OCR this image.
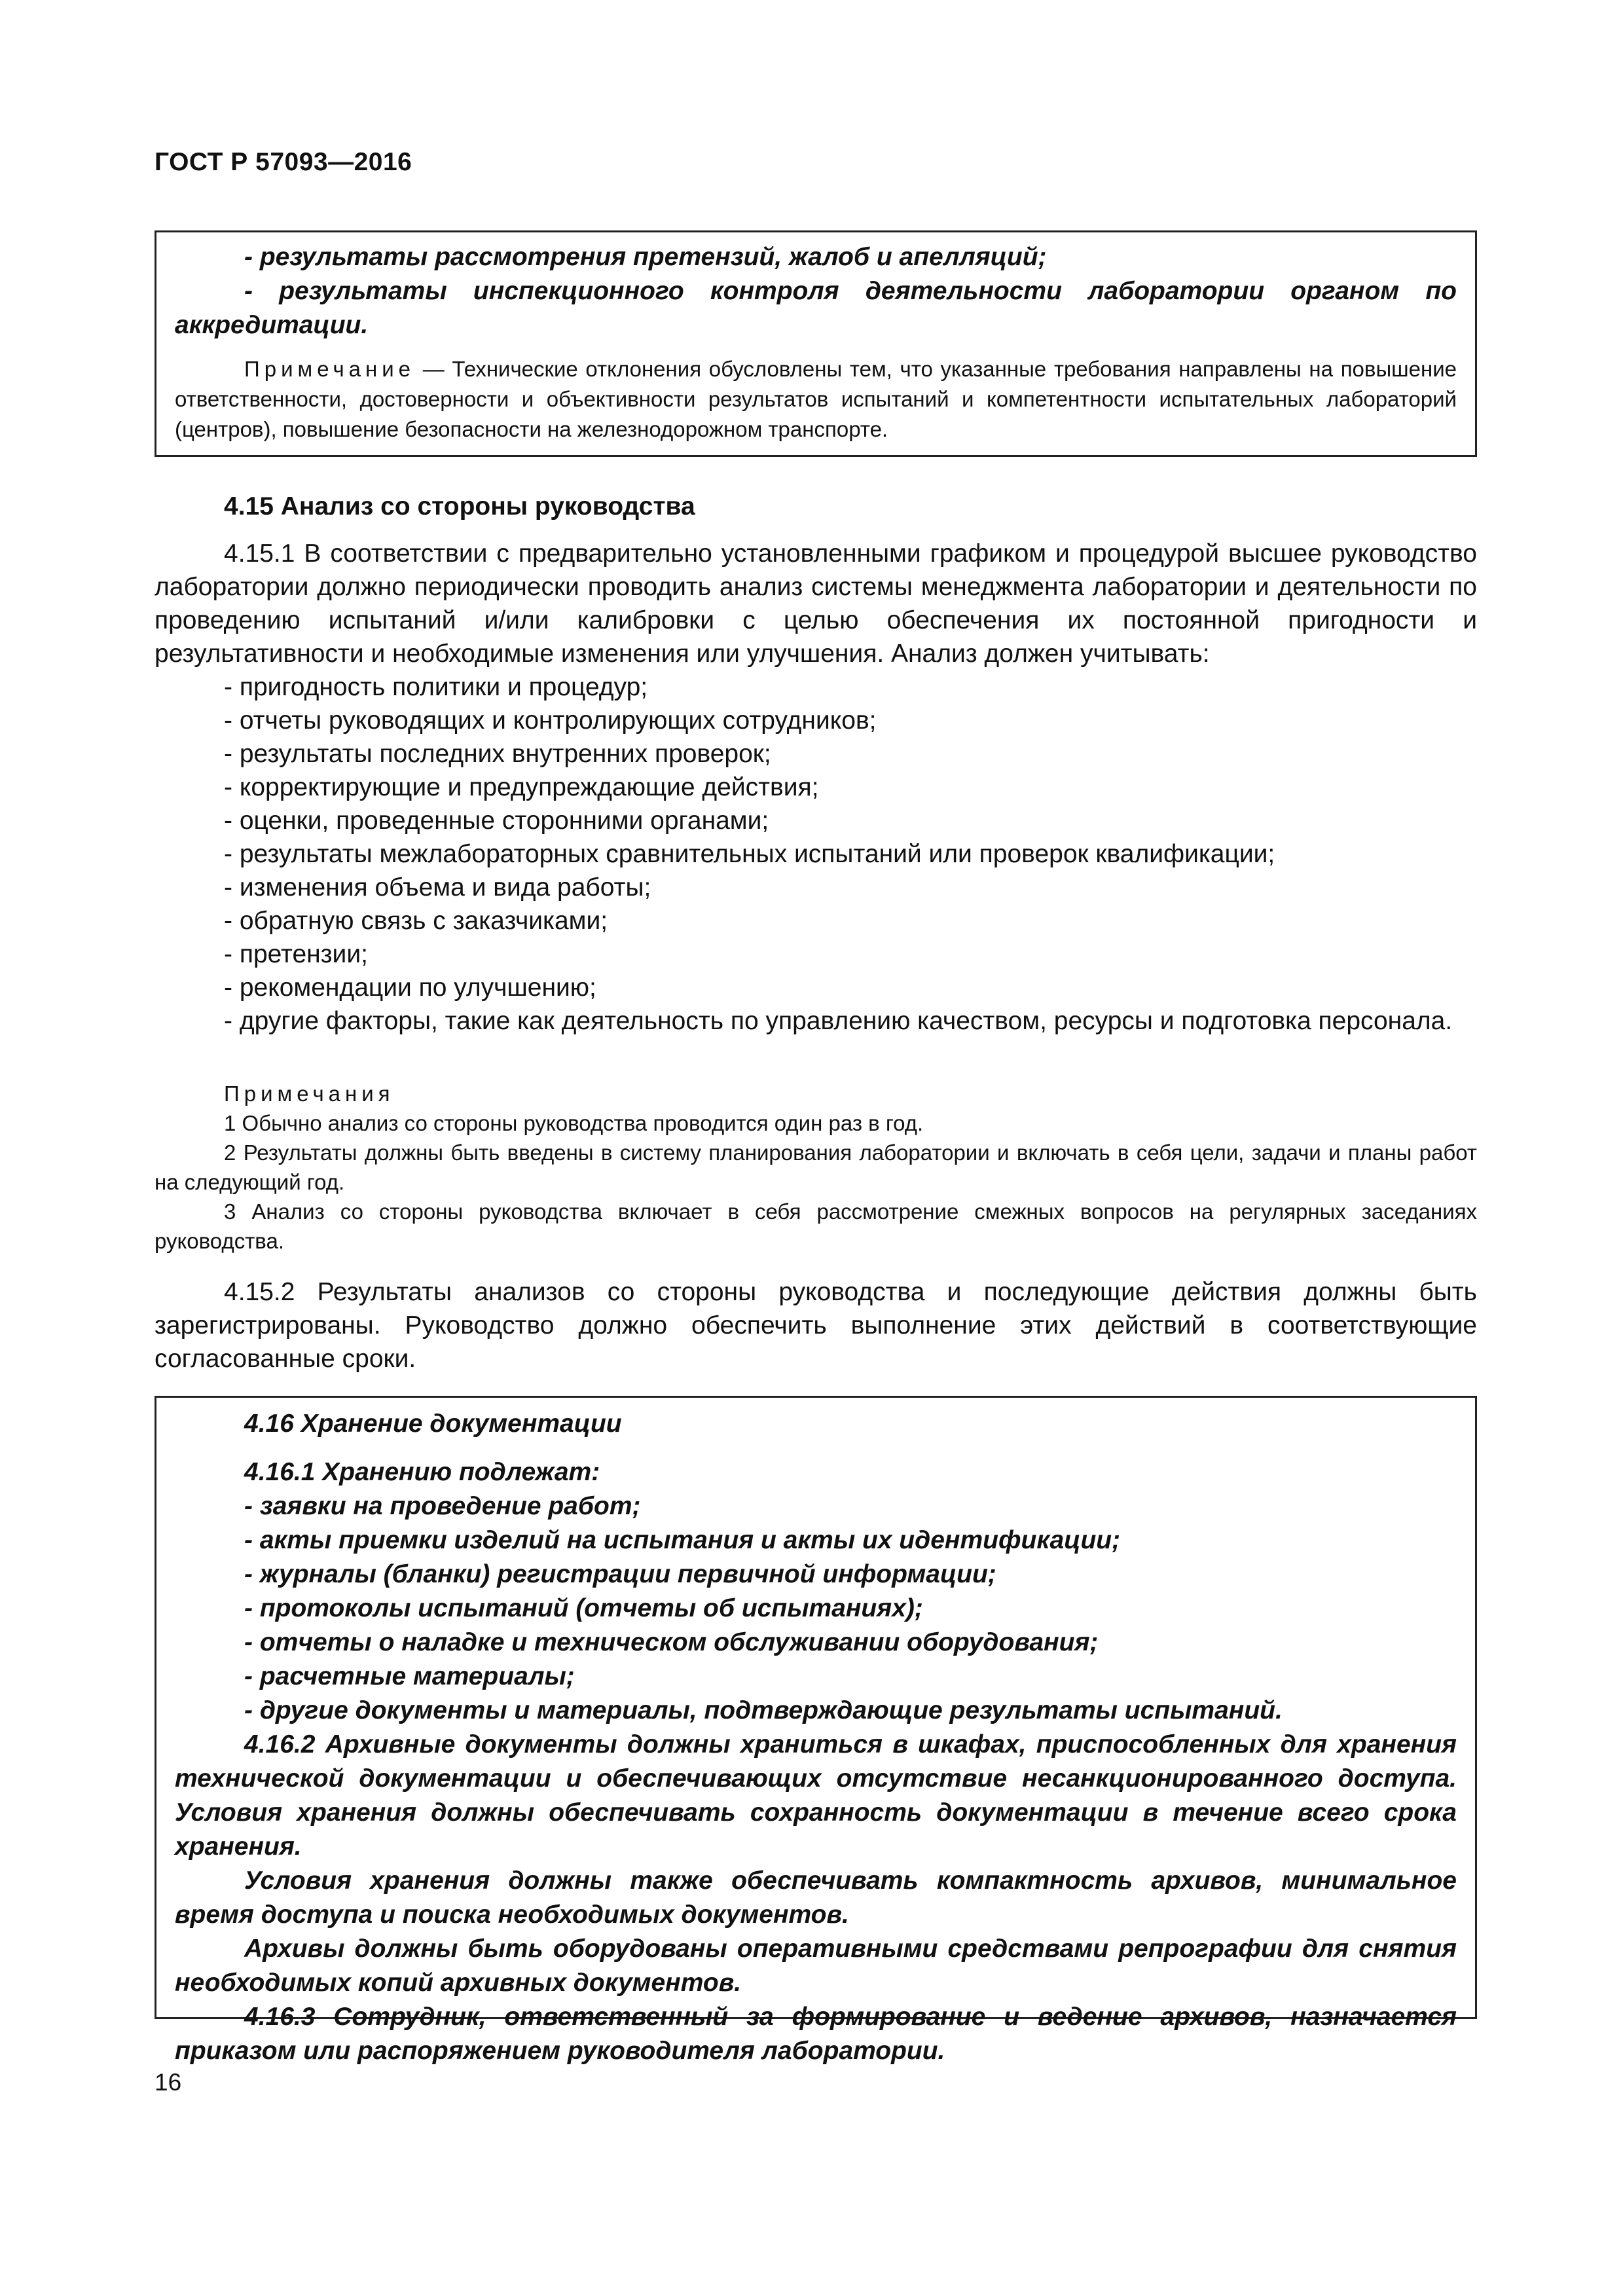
ГОСТ Р 57093—2016

- результаты рассмотрения претензий, жалоб и апелляций;

- результаты инспекционного контроля деятельности лаборатории органом по аккредитации.

Примечание — Технические отклонения обусловлены тем, что указанные требования направлены на повышение ответственности, достоверности и объективности результатов испытаний и компетентности испытательных лабораторий (центров), повышение безопасности на железнодорожном транспорте.

4.15 Анализ со стороны руководства

4.15.1 В соответствии с предварительно установленными графиком и процедурой высшее руководство лаборатории должно периодически проводить анализ системы менеджмента лаборатории и деятельности по проведению испытаний и/или калибровки с целью обеспечения их постоянной пригодности и результативности и необходимые изменения или улучшения. Анализ должен учитывать:

- пригодность политики и процедур;
- отчеты руководящих и контролирующих сотрудников;
- результаты последних внутренних проверок;
- корректирующие и предупреждающие действия;
- оценки, проведенные сторонними органами;
- результаты межлабораторных сравнительных испытаний или проверок квалификации;
- изменения объема и вида работы;
- обратную связь с заказчиками;
- претензии;
- рекомендации по улучшению;

- другие факторы, такие как деятельность по управлению качеством, ресурсы и подготовка персонала.

Примечания

1 Обычно анализ со стороны руководства проводится один раз в год.

2 Результаты должны быть введены в систему планирования лаборатории и включать в себя цели, задачи и планы работ на следующий год.

3 Анализ со стороны руководства включает в себя рассмотрение смежных вопросов на регулярных заседаниях руководства.

4.15.2 Результаты анализов со стороны руководства и последующие действия должны быть зарегистрированы. Руководство должно обеспечить выполнение этих действий в соответствующие согласованные сроки.

4.16 Хранение документации

4.16.1 Хранению подлежат:

- заявки на проведение работ;

- акты приемки изделий на испытания и акты их идентификации;

- журналы (бланки) регистрации первичной информации;

- протоколы испытаний (отчеты об испытаниях);

- отчеты о наладке и техническом обслуживании оборудования;

- расчетные материалы;

- другие документы и материалы, подтверждающие результаты испытаний.

4.16.2 Архивные документы должны храниться в шкафах, приспособленных для хранения технической документации и обеспечивающих отсутствие несанкционированного доступа. Условия хранения должны обеспечивать сохранность документации в течение всего срока хранения.

Условия хранения должны также обеспечивать компактность архивов, минимальное время доступа и поиска необходимых документов.

Архивы должны быть оборудованы оперативными средствами репрографии для снятия необходимых копий архивных документов.

4.16.3 Сотрудник, ответственный за формирование и ведение архивов, назначается приказом или распоряжением руководителя лаборатории.

16
